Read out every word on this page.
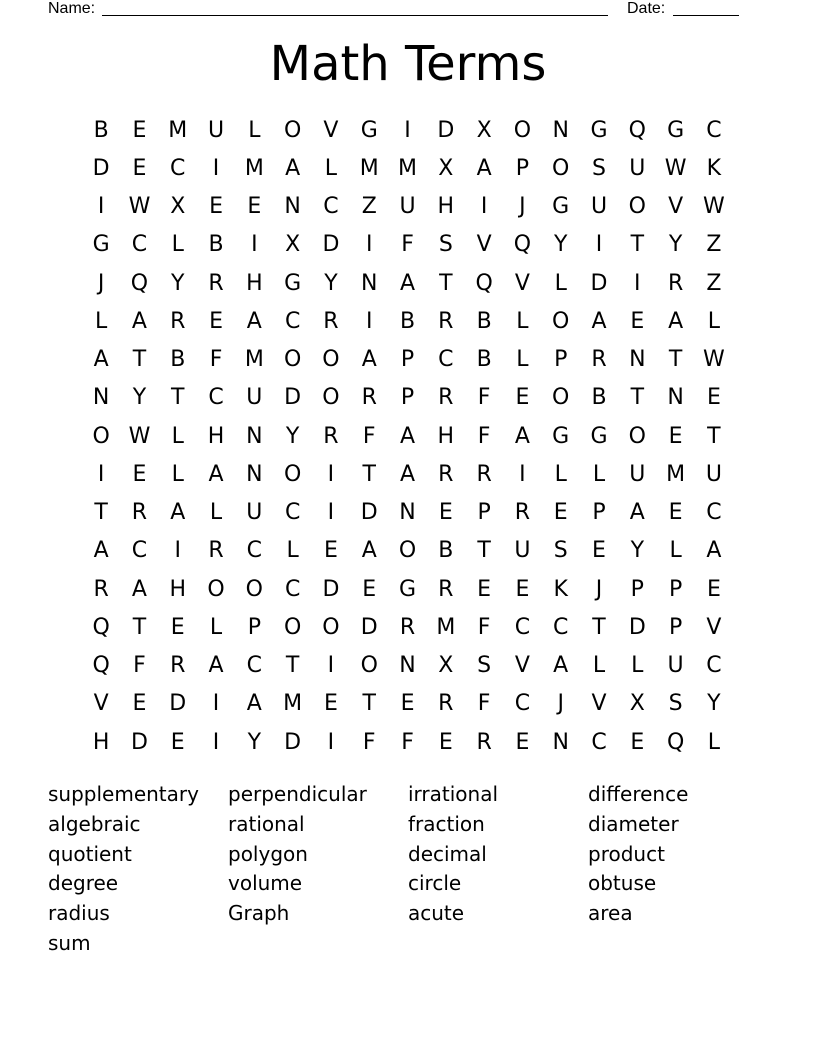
Name:	Date:
Math Terms
B	E M U	L	O	V	G	I	D	X	O N G Q G	C
D	E	C	I	M A	L	M M X	A	P	O	S	U W K
I	W X	E	E	N	C	Z	U H	I	J	G U O	V W
G	C	L	B	I	X	D	I	F	S	V	Q	Y	I	T	Y	Z
J	Q	Y	R	H G	Y	N	A	T	Q	V	L	D	I	R	Z
L	A	R	E	A	C	R	I	B	R	B	L	O	A	E	A	L
A	T	B	F	M O O	A	P	C	B	L	P	R	N	T W
N	Y	T	C	U D O R	P	R	F	E	O	B	T	N	E
O W L	H N	Y	R	F	A	H	F	A	G G O	E	T
I	E	L	A	N O	I	T	A	R	R	I	L	L	U M U
T	R	A	L	U	C	I	D N	E	P	R	E	P	A	E	C
A	C	I	R	C	L	E	A	O	B	T	U	S	E	Y	L	A
R	A	H O O C	D	E	G	R	E	E	K	J	P	P	E
Q	T	E	L	P	O O D	R M	F	C	C	T	D	P	V
Q	F	R	A	C	T	I	O N	X	S	V	A	L	L	U	C
V	E	D	I	A M E	T	E	R	F	C	J	V	X	S	Y
H D	E	I	Y	D	I	F	F	E	R	E	N	C	E	Q	L
supplementary	perpendicular	irrational	difference
algebraic	rational	fraction	diameter
quotient	polygon	decimal	product
degree	volume	circle	obtuse
radius	Graph	acute	area
sum
